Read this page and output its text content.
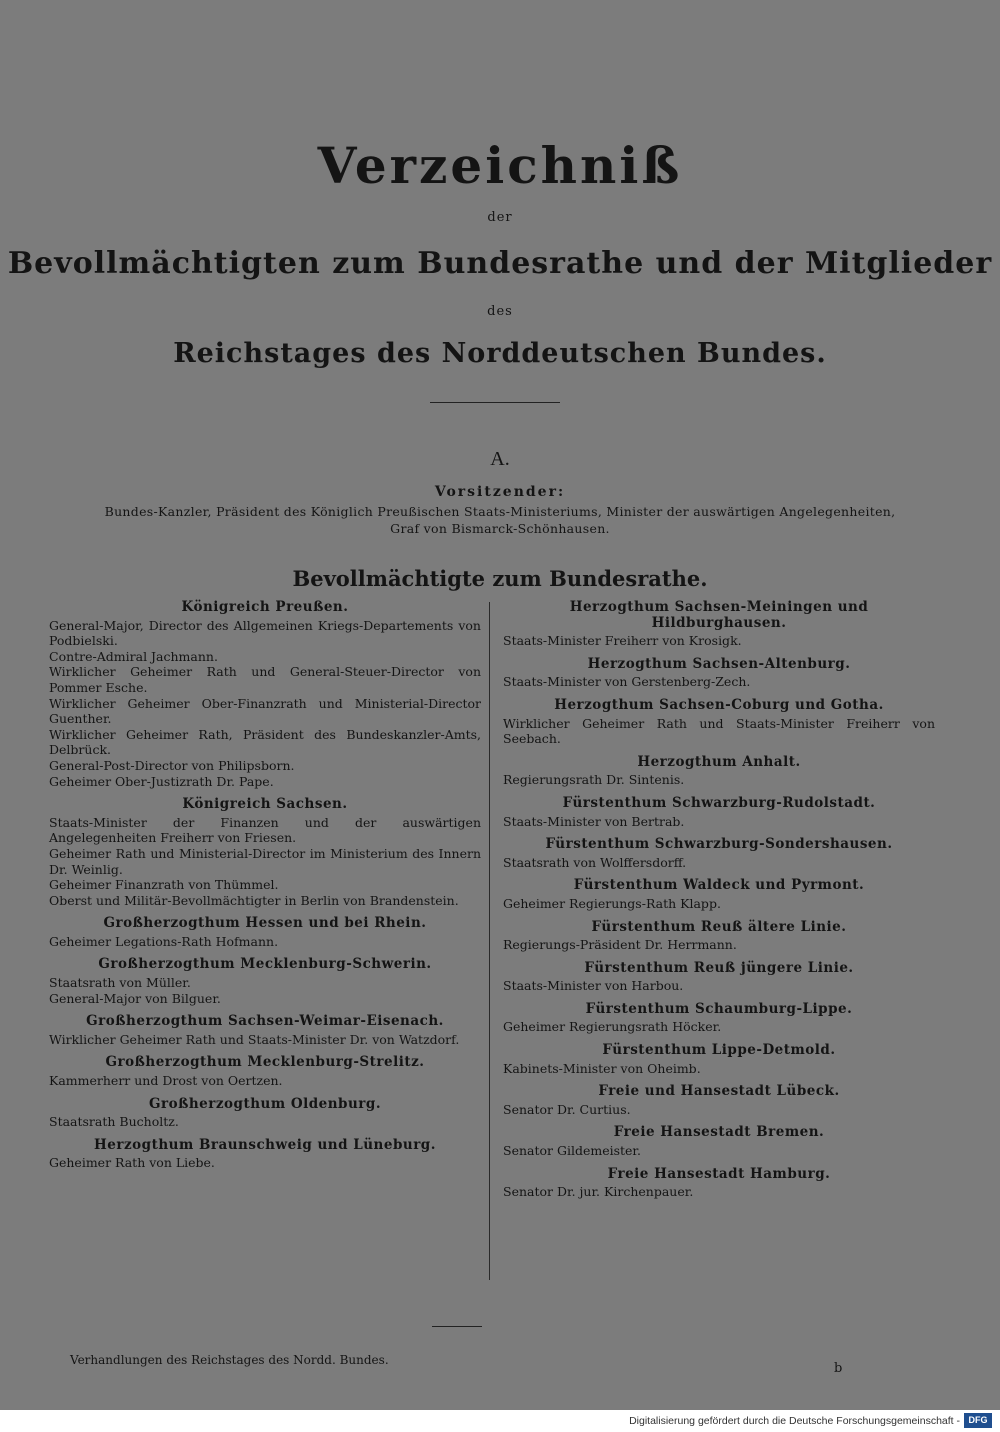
Verzeichniß
der
Bevollmächtigten zum Bundesrathe und der Mitglieder
des
Reichstages des Norddeutschen Bundes.
A.
Vorsitzender:
Bundes-Kanzler, Präsident des Königlich Preußischen Staats-Ministeriums, Minister der auswärtigen Angelegenheiten,
Graf von Bismarck-Schönhausen.
Bevollmächtigte zum Bundesrathe.
Königreich Preußen.
General-Major, Director des Allgemeinen Kriegs-Departements von Podbielski.
Contre-Admiral Jachmann.
Wirklicher Geheimer Rath und General-Steuer-Director von Pommer Esche.
Wirklicher Geheimer Ober-Finanzrath und Ministerial-Director Guenther.
Wirklicher Geheimer Rath, Präsident des Bundeskanzler-Amts, Delbrück.
General-Post-Director von Philipsborn.
Geheimer Ober-Justizrath Dr. Pape.
Königreich Sachsen.
Staats-Minister der Finanzen und der auswärtigen Angelegenheiten Freiherr von Friesen.
Geheimer Rath und Ministerial-Director im Ministerium des Innern Dr. Weinlig.
Geheimer Finanzrath von Thümmel.
Oberst und Militär-Bevollmächtigter in Berlin von Brandenstein.
Großherzogthum Hessen und bei Rhein.
Geheimer Legations-Rath Hofmann.
Großherzogthum Mecklenburg-Schwerin.
Staatsrath von Müller.
General-Major von Bilguer.
Großherzogthum Sachsen-Weimar-Eisenach.
Wirklicher Geheimer Rath und Staats-Minister Dr. von Watzdorf.
Großherzogthum Mecklenburg-Strelitz.
Kammerherr und Drost von Oertzen.
Großherzogthum Oldenburg.
Staatsrath Bucholtz.
Herzogthum Braunschweig und Lüneburg.
Geheimer Rath von Liebe.
Herzogthum Sachsen-Meiningen und Hildburghausen.
Staats-Minister Freiherr von Krosigk.
Herzogthum Sachsen-Altenburg.
Staats-Minister von Gerstenberg-Zech.
Herzogthum Sachsen-Coburg und Gotha.
Wirklicher Geheimer Rath und Staats-Minister Freiherr von Seebach.
Herzogthum Anhalt.
Regierungsrath Dr. Sintenis.
Fürstenthum Schwarzburg-Rudolstadt.
Staats-Minister von Bertrab.
Fürstenthum Schwarzburg-Sondershausen.
Staatsrath von Wolffersdorff.
Fürstenthum Waldeck und Pyrmont.
Geheimer Regierungs-Rath Klapp.
Fürstenthum Reuß ältere Linie.
Regierungs-Präsident Dr. Herrmann.
Fürstenthum Reuß jüngere Linie.
Staats-Minister von Harbou.
Fürstenthum Schaumburg-Lippe.
Geheimer Regierungsrath Höcker.
Fürstenthum Lippe-Detmold.
Kabinets-Minister von Oheimb.
Freie und Hansestadt Lübeck.
Senator Dr. Curtius.
Freie Hansestadt Bremen.
Senator Gildemeister.
Freie Hansestadt Hamburg.
Senator Dr. jur. Kirchenpauer.
Verhandlungen des Reichstages des Nordd. Bundes.
b
Digitalisierung gefördert durch die Deutsche Forschungsgemeinschaft - DFG
